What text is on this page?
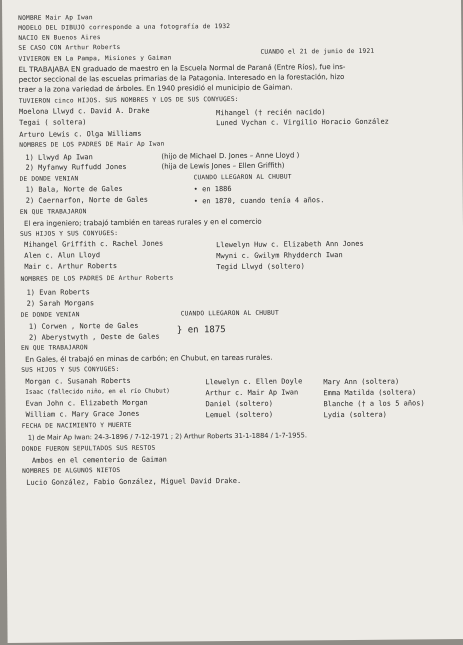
NOMBRE Mair Ap Iwan
MODELO DEL DIBUJO corresponde a una fotografía de 1932
NACIO EN Buenos Aires
SE CASO CON Arthur Roberts	CUANDO el 21 de junio de 1921
VIVIERON EN La Pampa, Misiones y Gaiman
EL TRABAJABA EN graduado de maestro en la Escuela Normal de Paraná (Entre Ríos), fue ins-
pector seccional de las escuelas primarias de la Patagonia. Interesado en la forestación, hizo
traer a la zona variedad de árboles. En 1940 presidió el municipio de Gaiman.
TUVIERON cinco HIJOS. SUS NOMBRES Y LOS DE SUS CONYUGES:
Moelona Llwyd c. David A. Drake	Mihangel († recién nacido)
Tegai ( soltera)	Luned Vychan c. Virgilio Horacio González
Arturo Lewis c. Olga Williams
NOMBRES DE LOS PADRES DE Mair Ap Iwan
1) Llwyd Ap Iwan	(hijo de Michael D. Jones – Anne Lloyd )
2) Myfanwy Ruffudd Jones	(hija de Lewis Jones – Ellen Griffith)
DE DONDE VENIAN	CUANDO LLEGARON AL CHUBUT
1) Bala, Norte de Gales	• en 1886
2) Caernarfon, Norte de Gales	• en 1870, cuando tenía 4 años.
EN QUE TRABAJARON
El era ingeniero; trabajó también en tareas rurales y en el comercio
SUS HIJOS Y SUS CONYUGES:
Mihangel Griffith c. Rachel Jones	Llewelyn Huw c. Elizabeth Ann Jones
Alen c. Alun Lloyd	Mwyni c. Gwilym Rhydderch Iwan
Mair c. Arthur Roberts	Tegid Llwyd (soltero)
NOMBRES DE LOS PADRES DE Arthur Roberts
1) Evan Roberts
2) Sarah Morgans
DE DONDE VENIAN	CUANDO LLEGARON AL CHUBUT
1) Corwen , Norte de Gales
2) Aberystwyth , Oeste de Gales
} en 1875
EN QUE TRABAJARON
En Gales, él trabajó en minas de carbón; en Chubut, en tareas rurales.
SUS HIJOS Y SUS CONYUGES:
Morgan c. Susanah Roberts	Llewelyn c. Ellen Doyle	Mary Ann (soltera)
Isaac (fallecido niño, en el río Chubut)	Arthur c. Mair Ap Iwan	Emma Matilda (soltera)
Evan John c. Elizabeth Morgan	Daniel (soltero)	Blanche († a los 5 años)
William c. Mary Grace Jones	Lemuel (soltero)	Lydia (soltera)
FECHA DE NACIMIENTO Y MUERTE
1) de Mair Ap Iwan: 24-3-1896 / 7-12-1971 ; 2) Arthur Roberts 31-1-1884 / 1-7-1955.
DONDE FUERON SEPULTADOS SUS RESTOS
Ambos en el cementerio de Gaiman
NOMBRES DE ALGUNOS NIETOS
Lucio González, Fabio González, Miguel David Drake.
